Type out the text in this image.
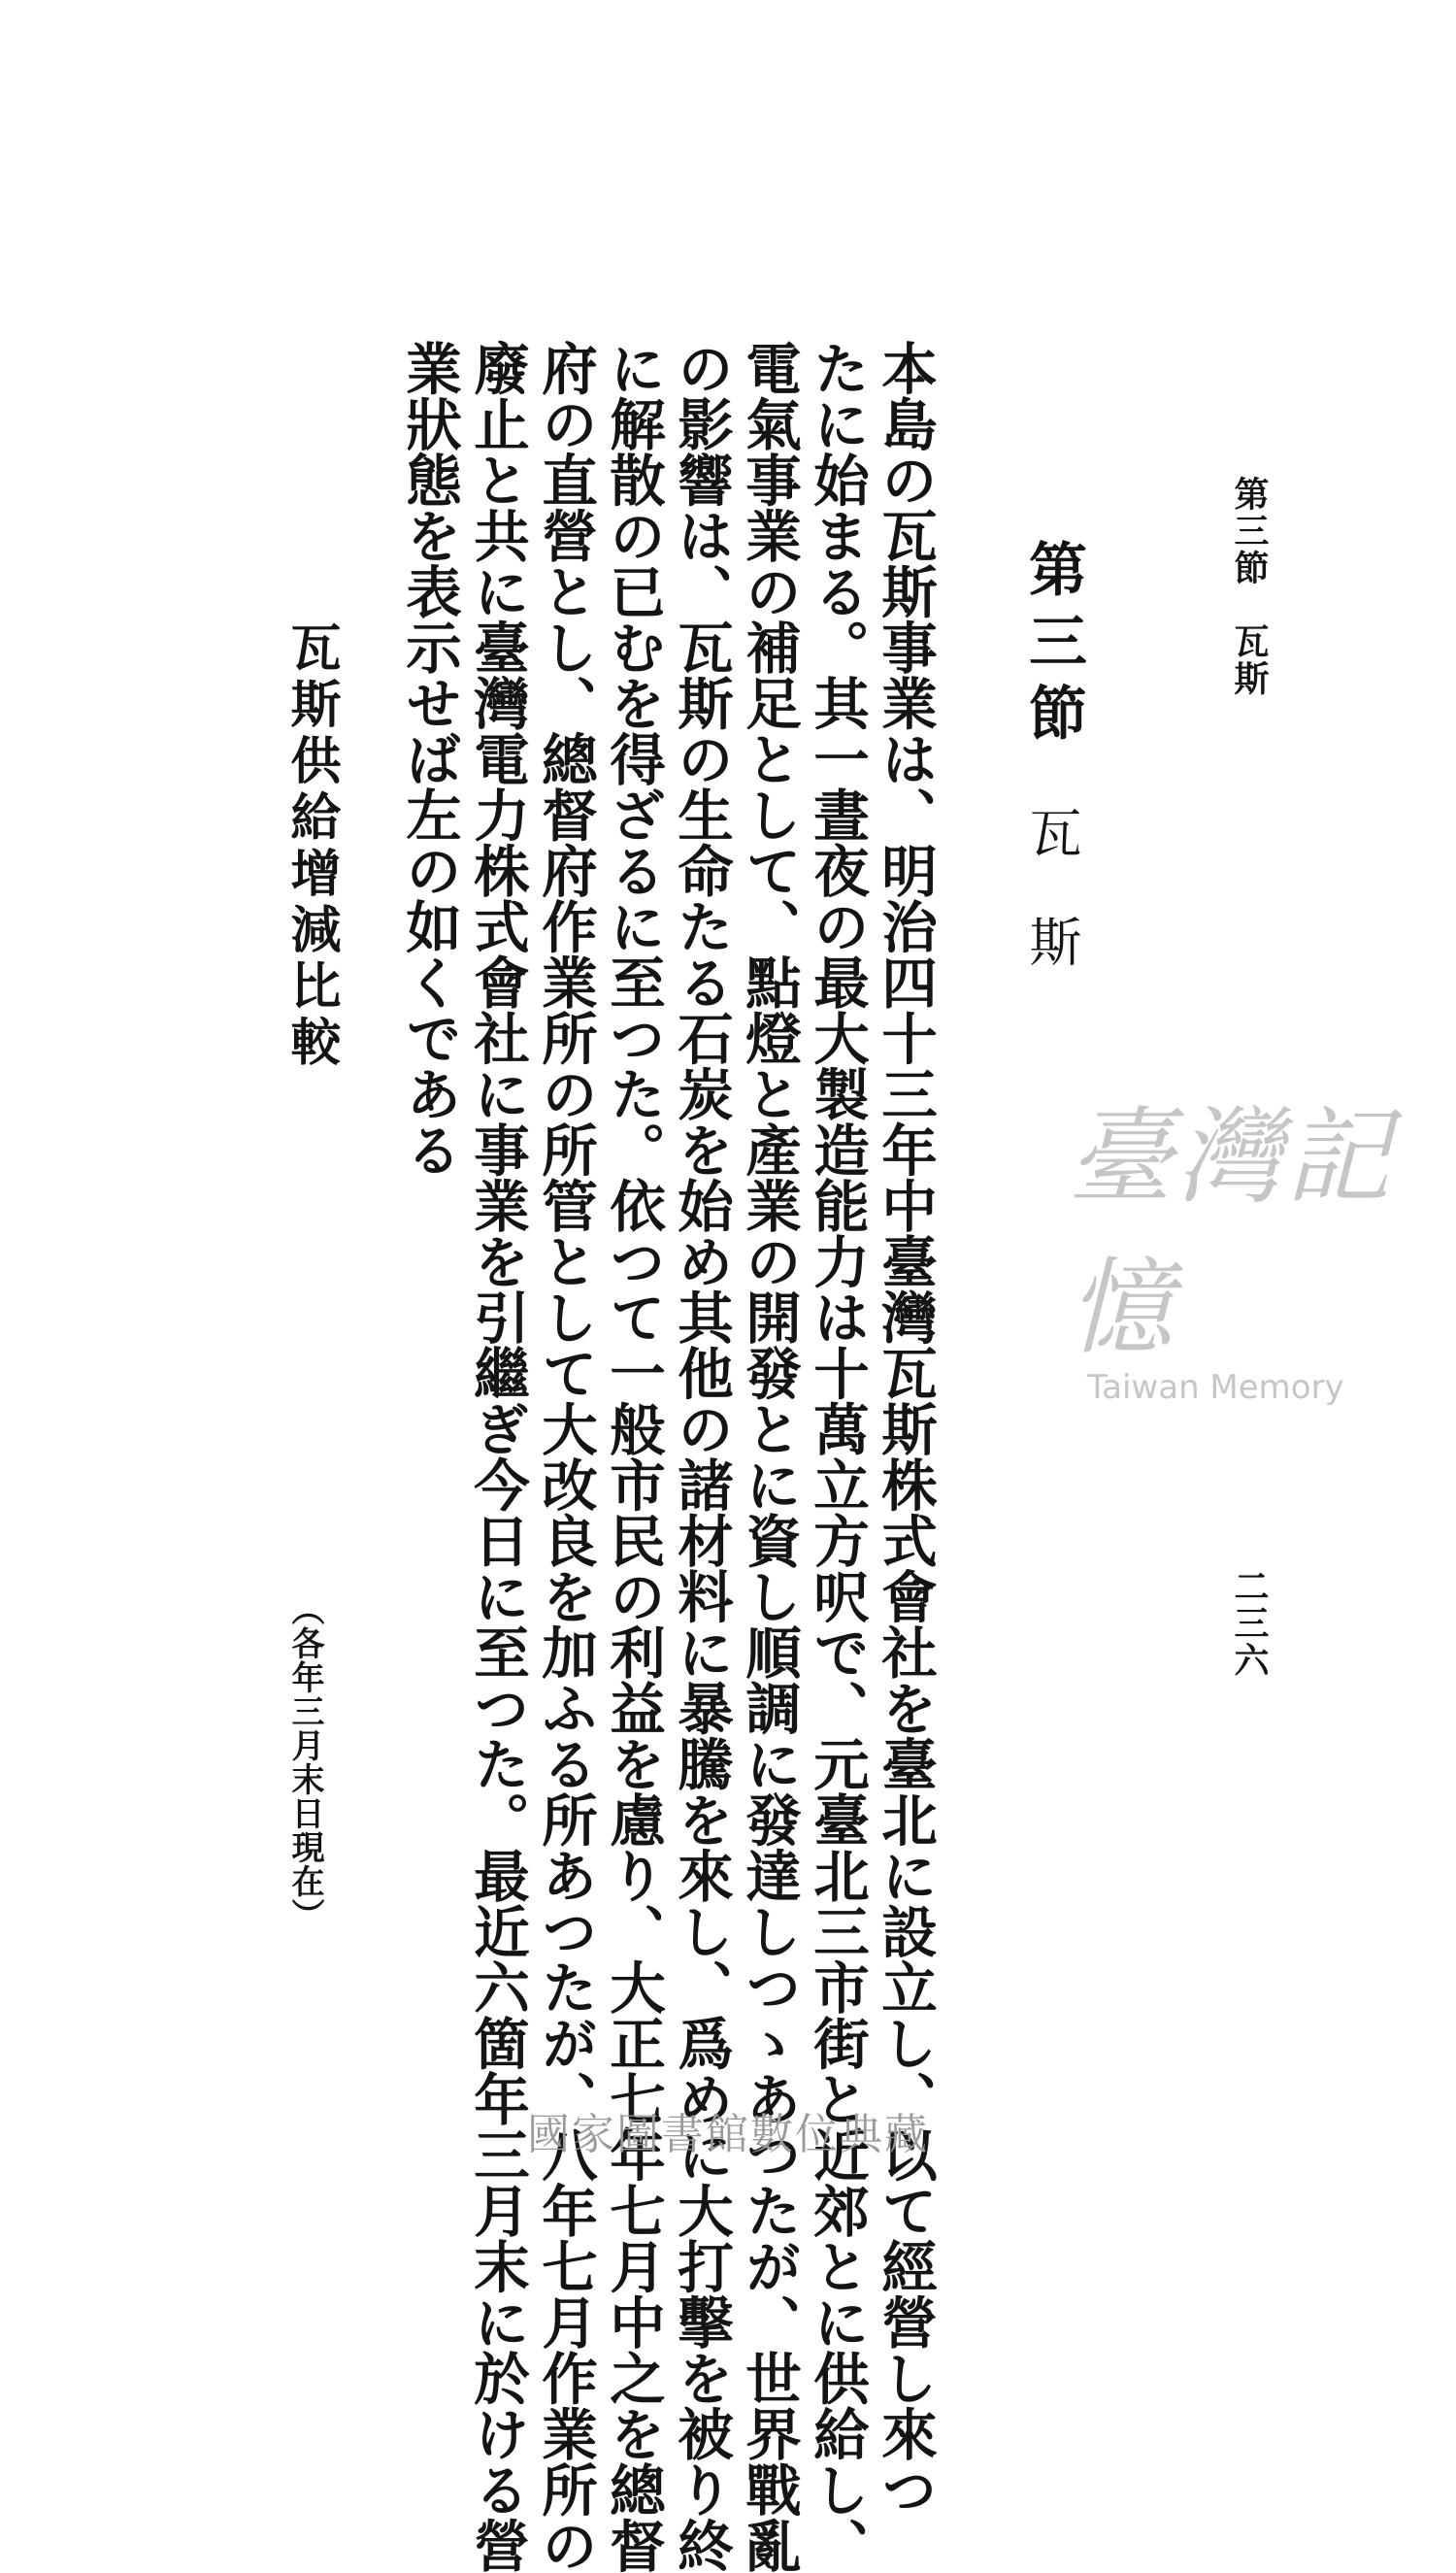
第三節　瓦斯
二三六
第三節
瓦斯
本島の瓦斯事業は、明治四十三年中臺灣瓦斯株式會社を臺北に設立し、以て經營し來つ
たに始まる。其一晝夜の最大製造能力は十萬立方呎で、元臺北三市街と近郊とに供給し、
電氣事業の補足として、點燈と產業の開發とに資し順調に發達しつゝあつたが、世界戰亂
の影響は、瓦斯の生命たる石炭を始め其他の諸材料に暴騰を來し、爲めに大打擊を被り終
に解散の已むを得ざるに至つた。依つて一般市民の利益を慮り、大正七年七月中之を總督
府の直營とし、總督府作業所の所管として大改良を加ふる所あつたが、八年七月作業所の
廢止と共に臺灣電力株式會社に事業を引繼ぎ今日に至つた。最近六箇年三月末に於ける營
業狀態を表示せば左の如くである
瓦斯供給增減比較
（各年三月末日現在）
臺灣記憶
Taiwan Memory
國家圖書館數位典藏
